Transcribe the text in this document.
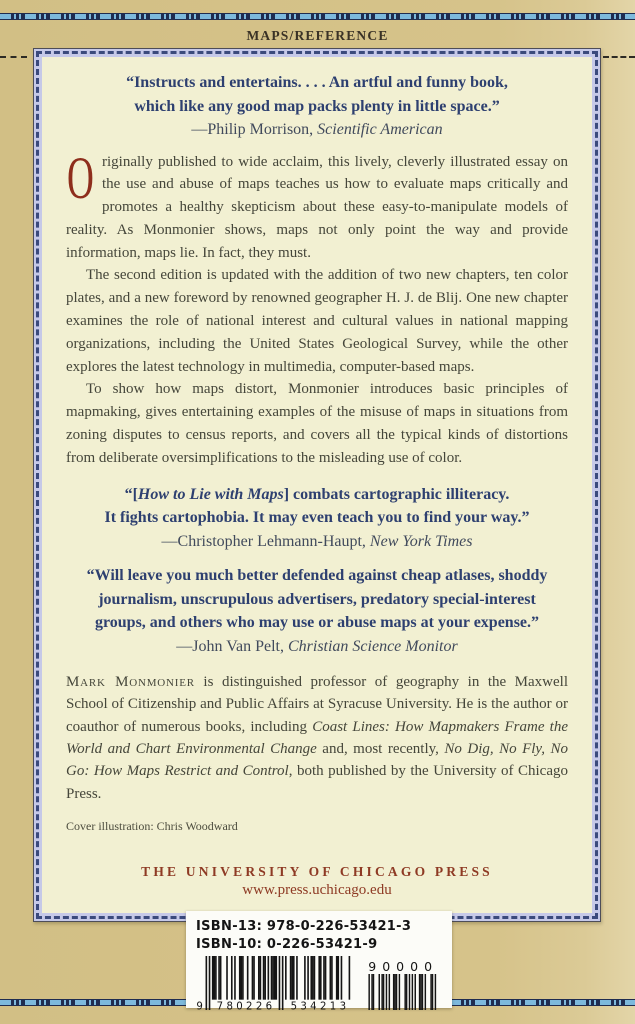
MAPS/REFERENCE
“Instructs and entertains. . . . An artful and funny book,
which like any good map packs plenty in little space.”
—Philip Morrison, Scientific American

Originally published to wide acclaim, this lively, cleverly illustrated essay on the use and abuse of maps teaches us how to evaluate maps critically and promotes a healthy skepticism about these easy-to-manipulate models of reality. As Monmonier shows, maps not only point the way and provide information, maps lie. In fact, they must.

The second edition is updated with the addition of two new chapters, ten color plates, and a new foreword by renowned geographer H. J. de Blij. One new chapter examines the role of national interest and cultural values in national mapping organizations, including the United States Geological Survey, while the other explores the latest technology in multimedia, computer-based maps.

To show how maps distort, Monmonier introduces basic principles of mapmaking, gives entertaining examples of the misuse of maps in situations from zoning disputes to census reports, and covers all the typical kinds of distortions from deliberate oversimplifications to the misleading use of color.

“[How to Lie with Maps] combats cartographic illiteracy.
It fights cartophobia. It may even teach you to find your way.”
—Christopher Lehmann-Haupt, New York Times
“Will leave you much better defended against cheap atlases, shoddy
journalism, unscrupulous advertisers, predatory special-interest
groups, and others who may use or abuse maps at your expense.”
—John Van Pelt, Christian Science Monitor

Mark Monmonier is distinguished professor of geography in the Maxwell School of Citizenship and Public Affairs at Syracuse University. He is the author or coauthor of numerous books, including Coast Lines: How Mapmakers Frame the World and Chart Environmental Change and, most recently, No Dig, No Fly, No Go: How Maps Restrict and Control, both published by the University of Chicago Press.

Cover illustration: Chris Woodward
THE UNIVERSITY OF CHICAGO PRESS
www.press.uchicago.edu
ISBN-13: 978-0-226-53421-3
ISBN-10: 0-226-53421-9
9 780226 534213
90000
